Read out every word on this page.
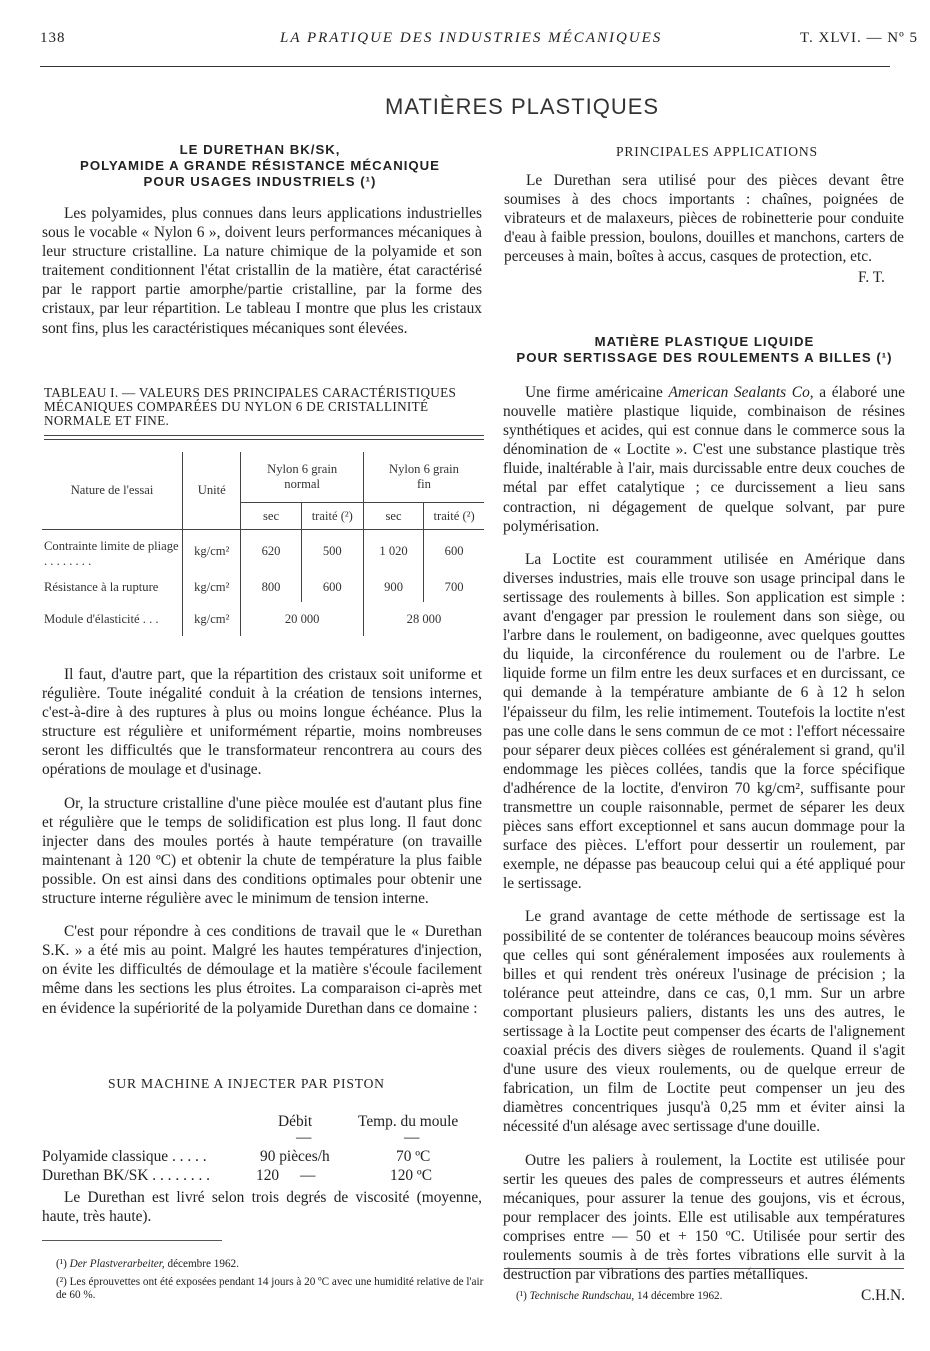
138	LA PRATIQUE DES INDUSTRIES MÉCANIQUES	T. XLVI. — Nº 5
MATIÈRES PLASTIQUES
LE DURETHAN BK/SK,
POLYAMIDE A GRANDE RÉSISTANCE MÉCANIQUE
POUR USAGES INDUSTRIELS (¹)

Les polyamides, plus connues dans leurs applications industrielles sous le vocable « Nylon 6 », doivent leurs performances mécaniques à leur structure cristalline. La nature chimique de la polyamide et son traitement conditionnent l'état cristallin de la matière, état caractérisé par le rapport partie amorphe/partie cristalline, par la forme des cristaux, par leur répartition. Le tableau I montre que plus les cristaux sont fins, plus les caractéristiques mécaniques sont élevées.

TABLEAU I. — VALEURS DES PRINCIPALES CARACTÉRISTIQUES MÉCANIQUES COMPARÉES DU NYLON 6 DE CRISTALLINITÉ NORMALE ET FINE.
Nature de l'essai	Unité	Nylon 6 grain normal		Nylon 6 grain fin	
		sec	traité (²)	sec	traité (²)
Contrainte limite de pliage . . . . . . . .	kg/cm²	620	500	1 020	600
Résistance à la rupture	kg/cm²	800	600	900	700
Module d'élasticité . . .	kg/cm²	20 000		28 000	

Il faut, d'autre part, que la répartition des cristaux soit uniforme et régulière. Toute inégalité conduit à la création de tensions internes, c'est-à-dire à des ruptures à plus ou moins longue échéance. Plus la structure est régulière et uniformément répartie, moins nombreuses seront les difficultés que le transformateur rencontrera au cours des opérations de moulage et d'usinage.

Or, la structure cristalline d'une pièce moulée est d'autant plus fine et régulière que le temps de solidification est plus long. Il faut donc injecter dans des moules portés à haute température (on travaille maintenant à 120 ºC) et obtenir la chute de température la plus faible possible. On est ainsi dans des conditions optimales pour obtenir une structure interne régulière avec le minimum de tension interne.

C'est pour répondre à ces conditions de travail que le « Durethan S.K. » a été mis au point. Malgré les hautes températures d'injection, on évite les difficultés de démoulage et la matière s'écoule facilement même dans les sections les plus étroites. La comparaison ci-après met en évidence la supériorité de la polyamide Durethan dans ce domaine :

SUR MACHINE A INJECTER PAR PISTON
Débit	Temp. du moule
—	—
Polyamide classique . . . . .	90 pièces/h	70 ºC
Durethan BK/SK . . . . . . . .	120 —	120 ºC

Le Durethan est livré selon trois degrés de viscosité (moyenne, haute, très haute).

(¹) Der Plastverarbeiter, décembre 1962.
(²) Les éprouvettes ont été exposées pendant 14 jours à 20 ºC avec une humidité relative de l'air de 60 %.
PRINCIPALES APPLICATIONS

Le Durethan sera utilisé pour des pièces devant être soumises à des chocs importants : chaînes, poignées de vibrateurs et de malaxeurs, pièces de robinetterie pour conduite d'eau à faible pression, boulons, douilles et manchons, carters de perceuses à main, boîtes à accus, casques de protection, etc.

F. T.
MATIÈRE PLASTIQUE LIQUIDE
POUR SERTISSAGE DES ROULEMENTS A BILLES (¹)

Une firme américaine American Sealants Co, a élaboré une nouvelle matière plastique liquide, combinaison de résines synthétiques et acides, qui est connue dans le commerce sous la dénomination de « Loctite ». C'est une substance plastique très fluide, inaltérable à l'air, mais durcissable entre deux couches de métal par effet catalytique ; ce durcissement a lieu sans contraction, ni dégagement de quelque solvant, par pure polymérisation.

La Loctite est couramment utilisée en Amérique dans diverses industries, mais elle trouve son usage principal dans le sertissage des roulements à billes. Son application est simple : avant d'engager par pression le roulement dans son siège, ou l'arbre dans le roulement, on badigeonne, avec quelques gouttes du liquide, la circonférence du roulement ou de l'arbre. Le liquide forme un film entre les deux surfaces et en durcissant, ce qui demande à la température ambiante de 6 à 12 h selon l'épaisseur du film, les relie intimement. Toutefois la loctite n'est pas une colle dans le sens commun de ce mot : l'effort nécessaire pour séparer deux pièces collées est généralement si grand, qu'il endommage les pièces collées, tandis que la force spécifique d'adhérence de la loctite, d'environ 70 kg/cm², suffisante pour transmettre un couple raisonnable, permet de séparer les deux pièces sans effort exceptionnel et sans aucun dommage pour la surface des pièces. L'effort pour dessertir un roulement, par exemple, ne dépasse pas beaucoup celui qui a été appliqué pour le sertissage.

Le grand avantage de cette méthode de sertissage est la possibilité de se contenter de tolérances beaucoup moins sévères que celles qui sont généralement imposées aux roulements à billes et qui rendent très onéreux l'usinage de précision ; la tolérance peut atteindre, dans ce cas, 0,1 mm. Sur un arbre comportant plusieurs paliers, distants les uns des autres, le sertissage à la Loctite peut compenser des écarts de l'alignement coaxial précis des divers sièges de roulements. Quand il s'agit d'une usure des vieux roulements, ou de quelque erreur de fabrication, un film de Loctite peut compenser un jeu des diamètres concentriques jusqu'à 0,25 mm et éviter ainsi la nécessité d'un alésage avec sertissage d'une douille.

Outre les paliers à roulement, la Loctite est utilisée pour sertir les queues des pales de compresseurs et autres éléments mécaniques, pour assurer la tenue des goujons, vis et écrous, pour remplacer des joints. Elle est utilisable aux températures comprises entre — 50 et + 150 ºC. Utilisée pour sertir des roulements soumis à de très fortes vibrations elle survit à la destruction par vibrations des parties métalliques.

C.H.N.
(¹) Technische Rundschau, 14 décembre 1962.
